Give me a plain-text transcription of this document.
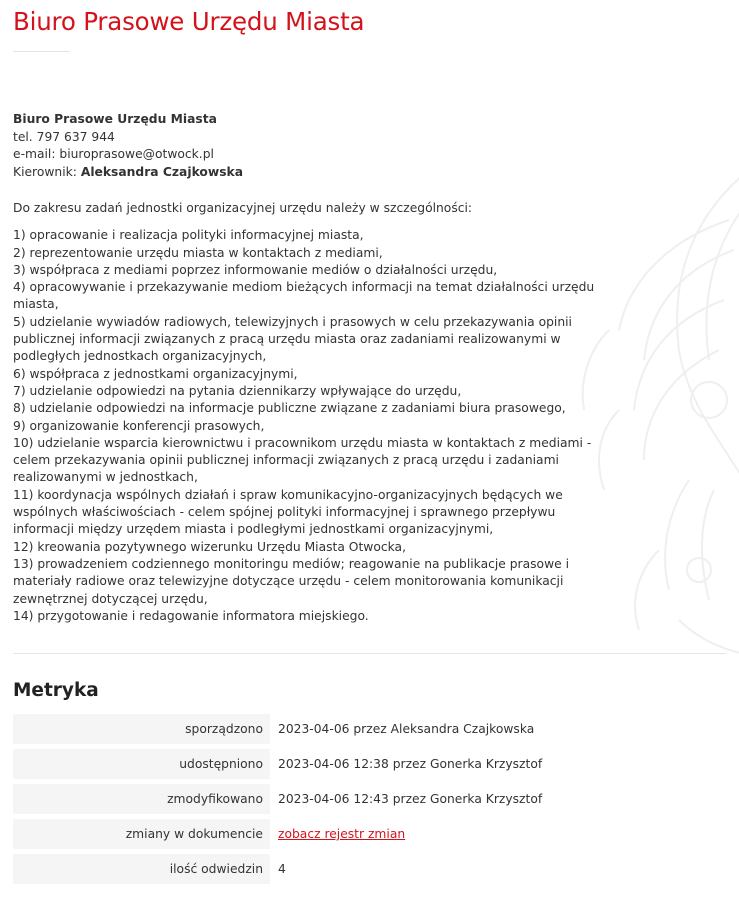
Biuro Prasowe Urzędu Miasta
Biuro Prasowe Urzędu Miasta
tel. 797 637 944
e-mail: biuroprasowe@otwock.pl
Kierownik: Aleksandra Czajkowska
Do zakresu zadań jednostki organizacyjnej urzędu należy w szczególności:
1) opracowanie i realizacja polityki informacyjnej miasta,
2) reprezentowanie urzędu miasta w kontaktach z mediami,
3) współpraca z mediami poprzez informowanie mediów o działalności urzędu,
4) opracowywanie i przekazywanie mediom bieżących informacji na temat działalności urzędu miasta,
5) udzielanie wywiadów radiowych, telewizyjnych i prasowych w celu przekazywania opinii publicznej informacji związanych z pracą urzędu miasta oraz zadaniami realizowanymi w podległych jednostkach organizacyjnych,
6) współpraca z jednostkami organizacyjnymi,
7) udzielanie odpowiedzi na pytania dziennikarzy wpływające do urzędu,
8) udzielanie odpowiedzi na informacje publiczne związane z zadaniami biura prasowego,
9) organizowanie konferencji prasowych,
10) udzielanie wsparcia kierownictwu i pracownikom urzędu miasta w kontaktach z mediami - celem przekazywania opinii publicznej informacji związanych z pracą urzędu i zadaniami realizowanymi w jednostkach,
11) koordynacja wspólnych działań i spraw komunikacyjno-organizacyjnych będących we wspólnych właściwościach - celem spójnej polityki informacyjnej i sprawnego przepływu informacji między urzędem miasta i podległymi jednostkami organizacyjnymi,
12) kreowania pozytywnego wizerunku Urzędu Miasta Otwocka,
13) prowadzeniem codziennego monitoringu mediów; reagowanie na publikacje prasowe i materiały radiowe oraz telewizyjne dotyczące urzędu - celem monitorowania komunikacji zewnętrznej dotyczącej urzędu,
14) przygotowanie i redagowanie informatora miejskiego.
Metryka
sporządzono	2023-04-06 przez Aleksandra Czajkowska
udostępniono	2023-04-06 12:38 przez Gonerka Krzysztof
zmodyfikowano	2023-04-06 12:43 przez Gonerka Krzysztof
zmiany w dokumencie	zobacz rejestr zmian
ilość odwiedzin	4
